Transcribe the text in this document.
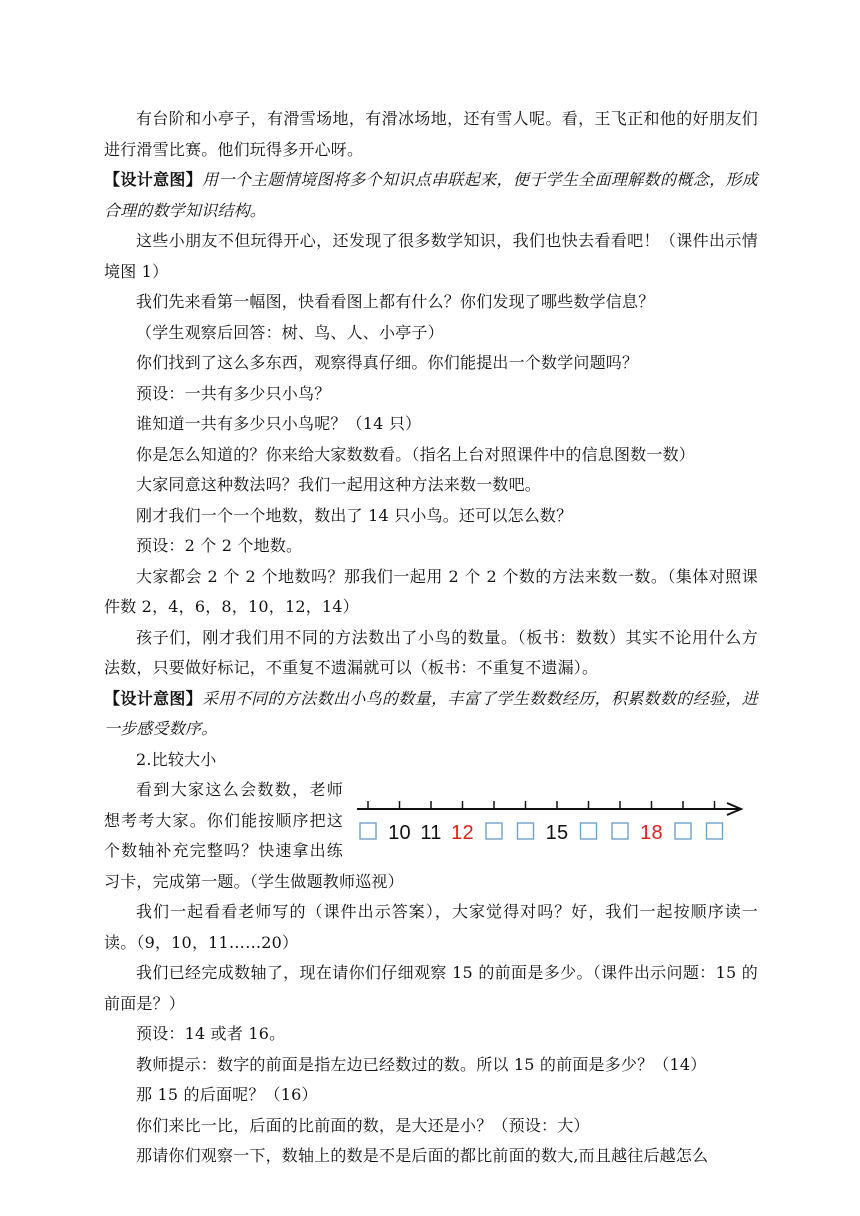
有台阶和小亭子，有滑雪场地，有滑冰场地，还有雪人呢。看，王飞正和他的好朋友们进行滑雪比赛。他们玩得多开心呀。

【设计意图】用一个主题情境图将多个知识点串联起来，便于学生全面理解数的概念，形成合理的数学知识结构。

这些小朋友不但玩得开心，还发现了很多数学知识，我们也快去看看吧！（课件出示情境图 1）

我们先来看第一幅图，快看看图上都有什么？你们发现了哪些数学信息？

（学生观察后回答：树、鸟、人、小亭子）

你们找到了这么多东西，观察得真仔细。你们能提出一个数学问题吗？

预设：一共有多少只小鸟？

谁知道一共有多少只小鸟呢？（14 只）

你是怎么知道的？你来给大家数数看。（指名上台对照课件中的信息图数一数）

大家同意这种数法吗？我们一起用这种方法来数一数吧。

刚才我们一个一个地数，数出了 14 只小鸟。还可以怎么数？

预设：2 个 2 个地数。

大家都会 2 个 2 个地数吗？那我们一起用 2 个 2 个数的方法来数一数。（集体对照课件数 2，4，6，8，10，12，14）

孩子们，刚才我们用不同的方法数出了小鸟的数量。（板书：数数）其实不论用什么方法数，只要做好标记，不重复不遗漏就可以（板书：不重复不遗漏）。

【设计意图】采用不同的方法数出小鸟的数量，丰富了学生数数经历，积累数数的经验，进一步感受数序。

2.比较大小

10 11 12	15	18
看到大家这么会数数，老师想考考大家。你们能按顺序把这个数轴补充完整吗？快速拿出练习卡，完成第一题。（学生做题教师巡视）

我们一起看看老师写的（课件出示答案），大家觉得对吗？好，我们一起按顺序读一读。（9，10，11……20）

我们已经完成数轴了，现在请你们仔细观察 15 的前面是多少。（课件出示问题：15 的前面是？）

预设：14 或者 16。

教师提示：数字的前面是指左边已经数过的数。所以 15 的前面是多少？（14）

那 15 的后面呢？（16）

你们来比一比，后面的比前面的数，是大还是小？（预设：大）

那请你们观察一下，数轴上的数是不是后面的都比前面的数大,而且越往后越怎么
